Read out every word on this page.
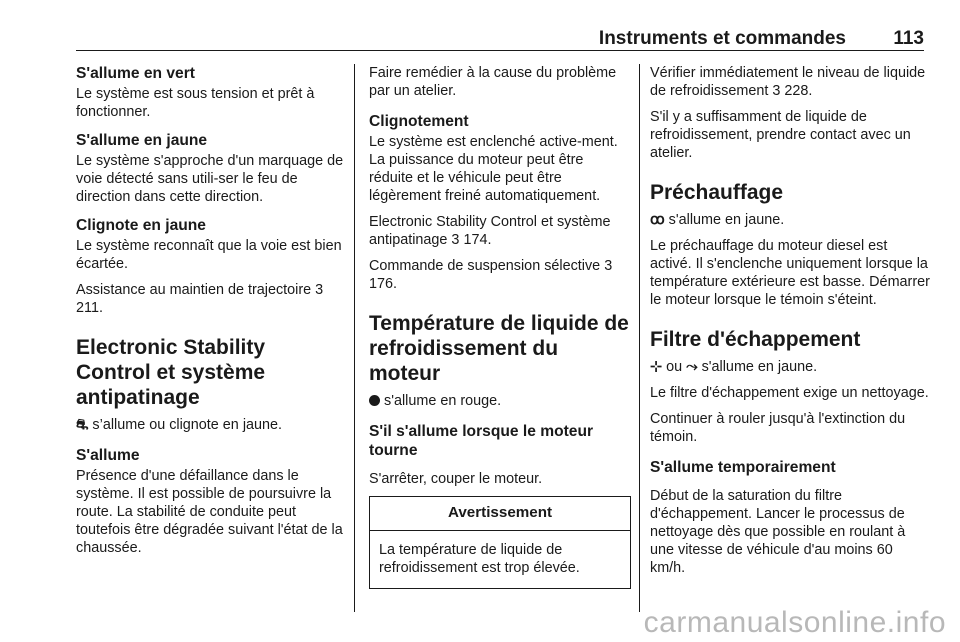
Instruments et commandes 113
S'allume en vert

Le système est sous tension et prêt à fonctionner.

S'allume en jaune

Le système s'approche d'un marquage de voie détecté sans utili-ser le feu de direction dans cette direction.

Clignote en jaune

Le système reconnaît que la voie est bien écartée.

Assistance au maintien de trajectoire 3 211.

Electronic Stability Control et système antipatinage

⛐ s’allume ou clignote en jaune.

S'allume

Présence d'une défaillance dans le système. Il est possible de poursuivre la route. La stabilité de conduite peut toutefois être dégradée suivant l'état de la chaussée.

Faire remédier à la cause du problème par un atelier.

Clignotement

Le système est enclenché active-ment. La puissance du moteur peut être réduite et le véhicule peut être légèrement freiné automatiquement.

Electronic Stability Control et système antipatinage 3 174.

Commande de suspension sélective 3 176.

Température de liquide de refroidissement du moteur

s'allume en rouge.

S'il s'allume lorsque le moteur tourne

S'arrêter, couper le moteur.

Avertissement
La température de liquide de refroidissement est trop élevée.

Vérifier immédiatement le niveau de liquide de refroidissement 3 228.

S'il y a suffisamment de liquide de refroidissement, prendre contact avec un atelier.

Préchauffage

ꝏ s'allume en jaune.

Le préchauffage du moteur diesel est activé. Il s'enclenche uniquement lorsque la température extérieure est basse. Démarrer le moteur lorsque le témoin s'éteint.

Filtre d'échappement

⊹ ou ⤳ s'allume en jaune.

Le filtre d'échappement exige un nettoyage.

Continuer à rouler jusqu'à l'extinction du témoin.

S'allume temporairement

Début de la saturation du filtre d'échappement. Lancer le processus de nettoyage dès que possible en roulant à une vitesse de véhicule d'au moins 60 km/h.

carmanualsonline.info
